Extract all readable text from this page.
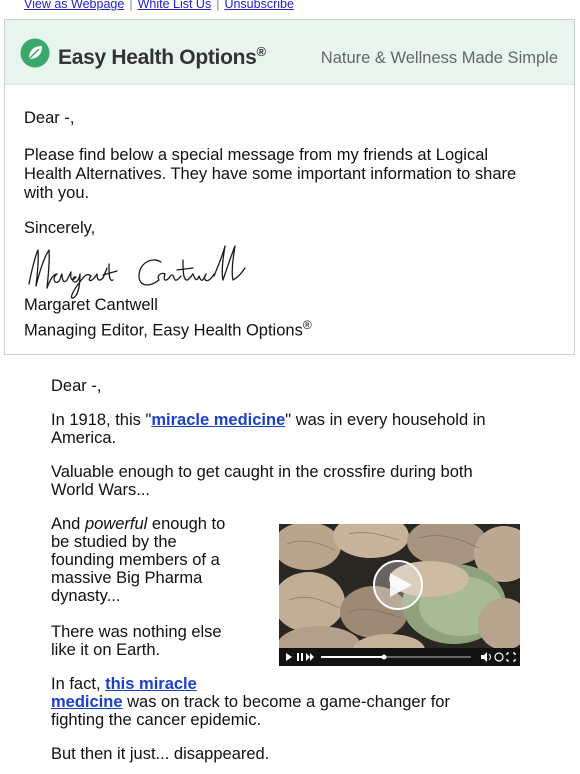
View as Webpage | White List Us | Unsubscribe
Easy Health Options®	Nature & Wellness Made Simple
Dear -,
Please find below a special message from my friends at Logical
Health Alternatives. They have some important information to share
with you.
Sincerely,
Margaret Cantwell
Managing Editor, Easy Health Options®
Dear -,
In 1918, this "miracle medicine" was in every household in
America.
Valuable enough to get caught in the crossfire during both
World Wars...
And powerful enough to
be studied by the
founding members of a
massive Big Pharma
dynasty...
There was nothing else
like it on Earth.
In fact, this miracle
medicine was on track to become a game-changer for
fighting the cancer epidemic.
But then it just... disappeared.
